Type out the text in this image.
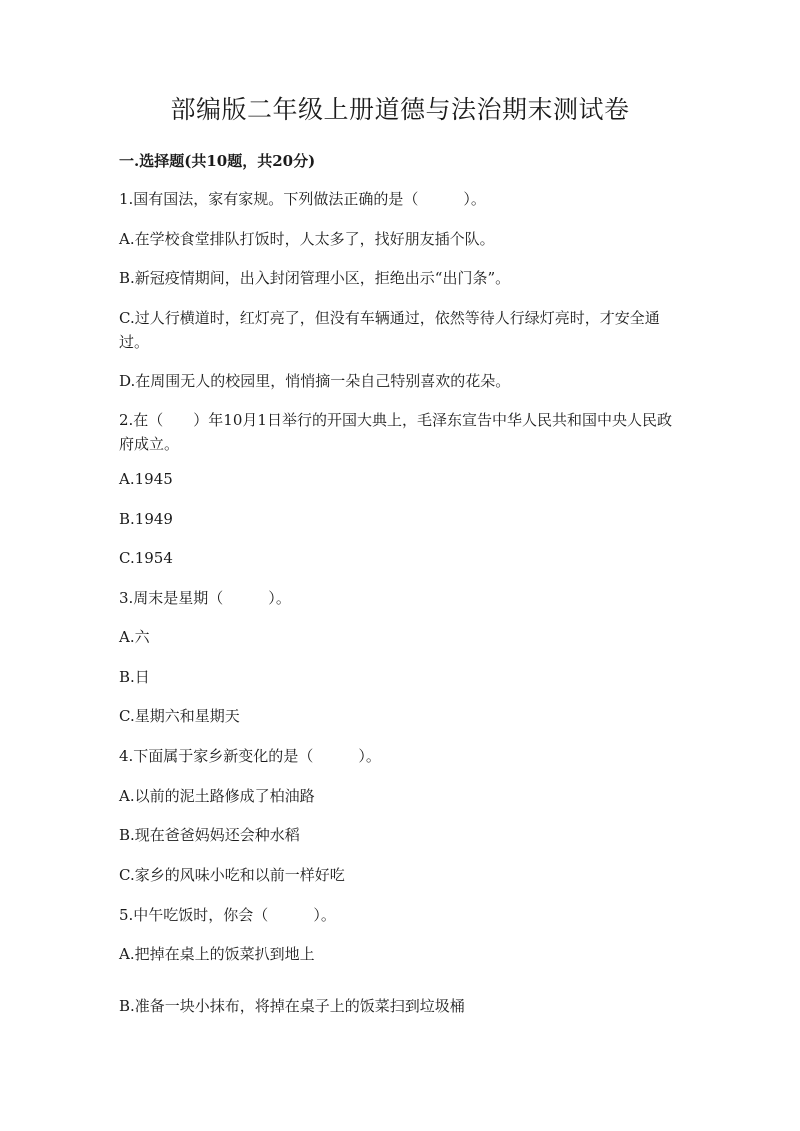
部编版二年级上册道德与法治期末测试卷

一.选择题(共10题，共20分)

1.国有国法，家有家规。下列做法正确的是（　　　）。

A.在学校食堂排队打饭时，人太多了，找好朋友插个队。

B.新冠疫情期间，出入封闭管理小区，拒绝出示“出门条”。

C.过人行横道时，红灯亮了，但没有车辆通过，依然等待人行绿灯亮时，才安全通过。

D.在周围无人的校园里，悄悄摘一朵自己特别喜欢的花朵。

2.在（　　）年10月1日举行的开国大典上，毛泽东宣告中华人民共和国中央人民政府成立。

A.1945

B.1949

C.1954

3.周末是星期（　　　）。

A.六

B.日

C.星期六和星期天

4.下面属于家乡新变化的是（　　　）。

A.以前的泥土路修成了柏油路

B.现在爸爸妈妈还会种水稻

C.家乡的风味小吃和以前一样好吃

5.中午吃饭时，你会（　　　）。

A.把掉在桌上的饭菜扒到地上

B.准备一块小抹布，将掉在桌子上的饭菜扫到垃圾桶
